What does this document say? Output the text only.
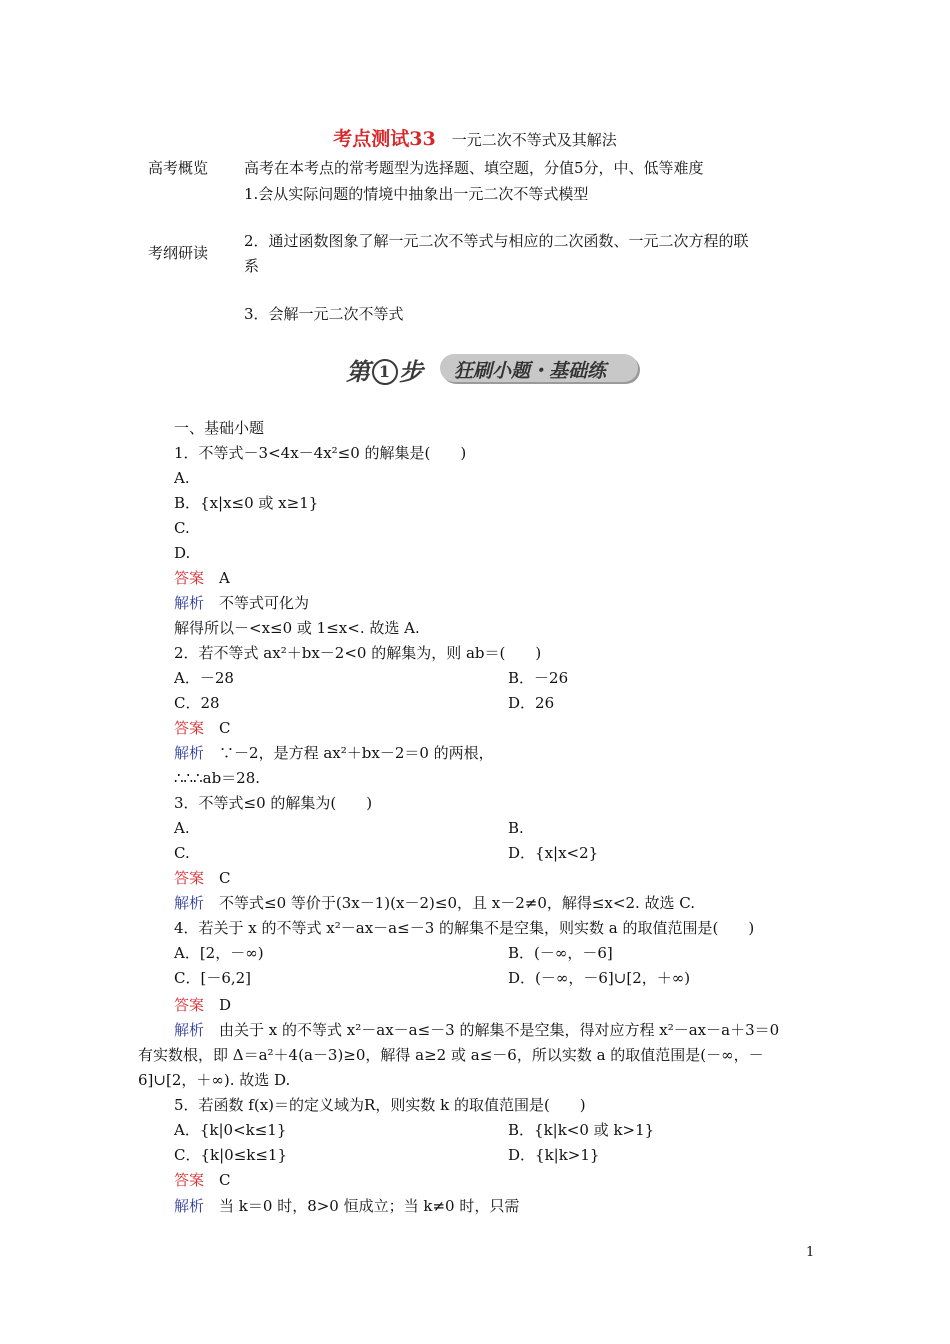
考点测试33 一元二次不等式及其解法
高考概览	高考在本考点的常考题型为选择题、填空题，分值5分，中、低等难度
1.会从实际问题的情境中抽象出一元二次不等式模型
考纲研读
2．通过函数图象了解一元二次不等式与相应的二次函数、一元二次方程的联
系
3．会解一元二次不等式
第 1 步 狂刷小题・基础练
一、基础小题
1．不等式－3<4x－4x²≤0 的解集是(　　)
A.
B．{x|x≤0 或 x≥1}
C.
D.
答案　 A
解析　 不等式可化为
解得所以－<x≤0 或 1≤x<. 故选 A.
2．若不等式 ax²＋bx－2<0 的解集为，则 ab＝(　　)
A．－28	B．－26
C．28	D．26
答案　 C
解析　 ∵－2，是方程 ax²＋bx－2＝0 的两根，
∴∴∴ab＝28.
3．不等式≤0 的解集为(　　)
A.	B.
C.	D．{x|x<2}
答案　 C
解析　 不等式≤0 等价于(3x－1)(x－2)≤0，且 x－2≠0，解得≤x<2. 故选 C.
4．若关于 x 的不等式 x²－ax－a≤－3 的解集不是空集，则实数 a 的取值范围是(　　)
A．[2，－∞)	B．(－∞，－6]
C．[－6,2]	D．(－∞，－6]∪[2，＋∞)
答案　 D
解析　 由关于 x 的不等式 x²－ax－a≤－3 的解集不是空集，得对应方程 x²－ax－a＋3＝0
有实数根，即 Δ＝a²＋4(a－3)≥0，解得 a≥2 或 a≤－6，所以实数 a 的取值范围是(－∞，－
6]∪[2，＋∞). 故选 D.
5．若函数 f(x)＝的定义域为R，则实数 k 的取值范围是(　　)
A．{k|0<k≤1}	B．{k|k<0 或 k>1}
C．{k|0≤k≤1}	D．{k|k>1}
答案　 C
解析　 当 k＝0 时，8>0 恒成立；当 k≠0 时，只需
1
